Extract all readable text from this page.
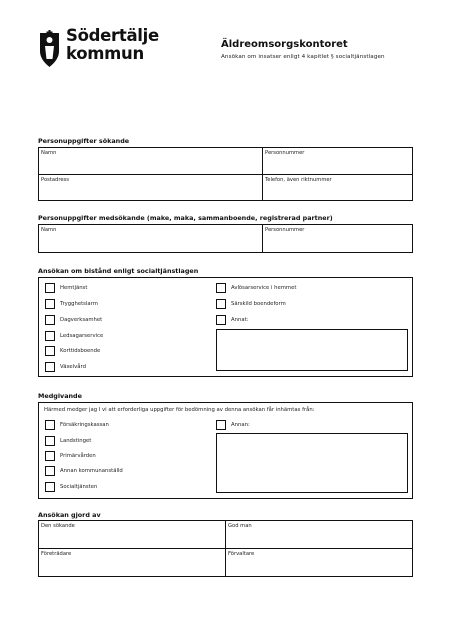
Södertälje
kommun	Äldreomsorgskontoret
Ansökan om insatser enligt 4 kapitlet § socialtjänstlagen
Personuppgifter sökande
Namn	Personnummer
Postadress	Telefon, även riktnummer
Personuppgifter medsökande (make, maka, sammanboende, registrerad partner)
Namn	Personnummer
Ansökan om bistånd enligt socialtjänstlagen
Hemtjänst
Trygghetslarm
Dagverksamhet
Ledsagarservice
Korttidsboende
Växelvård
Avlösarservice i hemmet
Särskild boendeform
Annat:
Medgivande
Härmed medger jag I vi att erforderliga uppgifter för bedömning av denna ansökan får inhämtas från:
Försäkringskassan
Landstinget
Primärvården
Annan kommunanställd
Socialtjänsten
Annan:
Ansökan gjord av
Den sökande	God man
Företrädare	Förvaltare
